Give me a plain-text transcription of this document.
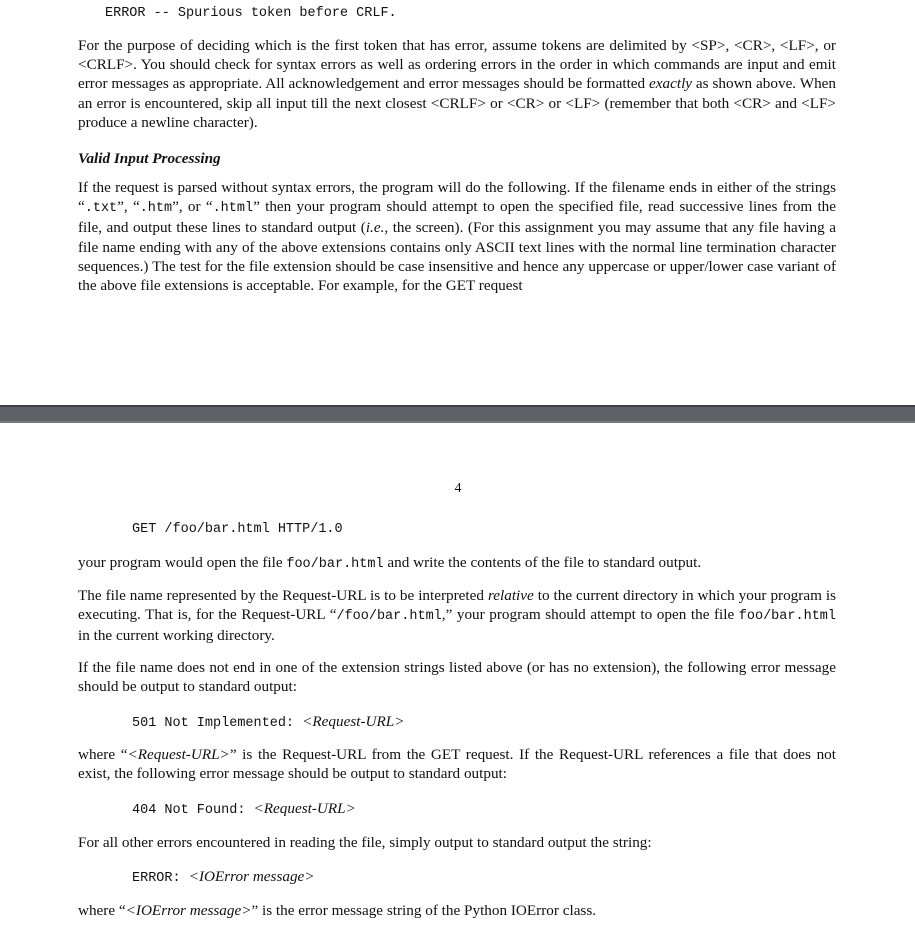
ERROR -- Spurious token before CRLF.

For the purpose of deciding which is the first token that has error, assume tokens are delimited by <SP>, <CR>, <LF>, or <CRLF>. You should check for syntax errors as well as ordering errors in the order in which commands are input and emit error messages as appropriate. All acknowledgement and error messages should be formatted exactly as shown above. When an error is encountered, skip all input till the next closest <CRLF> or <CR> or <LF> (remember that both <CR> and <LF> produce a newline character).

Valid Input Processing

If the request is parsed without syntax errors, the program will do the following. If the filename ends in either of the strings “.txt”, “.htm”, or “.html” then your program should attempt to open the specified file, read successive lines from the file, and output these lines to standard output (i.e., the screen). (For this assignment you may assume that any file having a file name ending with any of the above extensions contains only ASCII text lines with the normal line termination character sequences.) The test for the file extension should be case insensitive and hence any uppercase or upper/lower case variant of the above file extensions is acceptable. For example, for the GET request

4
GET /foo/bar.html HTTP/1.0

your program would open the file foo/bar.html and write the contents of the file to standard output.

The file name represented by the Request-URL is to be interpreted relative to the current directory in which your program is executing. That is, for the Request-URL “/foo/bar.html,” your program should attempt to open the file foo/bar.html in the current working directory.

If the file name does not end in one of the extension strings listed above (or has no extension), the following error message should be output to standard output:

501 Not Implemented: <Request-URL>

where “<Request-URL>” is the Request-URL from the GET request. If the Request-URL references a file that does not exist, the following error message should be output to standard output:

404 Not Found: <Request-URL>

For all other errors encountered in reading the file, simply output to standard output the string:

ERROR: <IOError message>

where “<IOError message>” is the error message string of the Python IOError class.
